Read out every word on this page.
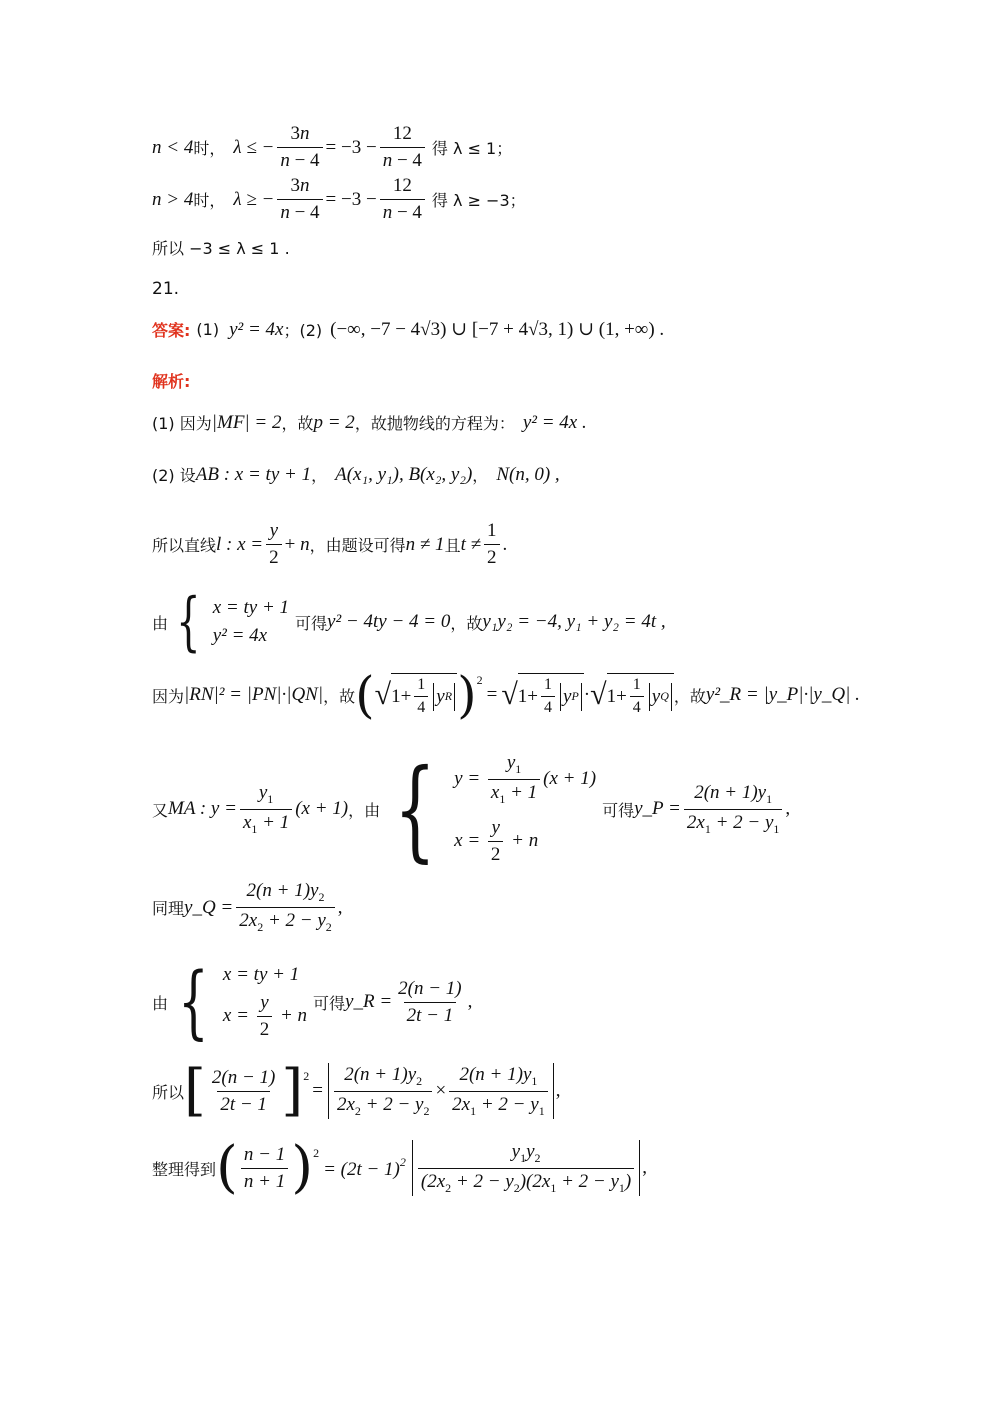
n < 4 时， λ ≤ − $\frac{3n}{n - 4} = -3 - \frac{12}{n - 4}$ 得 λ ≤ 1；
n > 4 时， λ ≥ − $\frac{3n}{n - 4} = -3 - \frac{12}{n - 4}$ 得 λ ≥ −3；
所以 −3 ≤ λ ≤ 1 .
21.
答案: (1) y² = 4x ；(2) (−∞, −7 − 4√3) ∪ [−7 + 4√3, 1) ∪ (1, +∞) .
解析:
(1) 因为 |MF| = 2 ，故 p = 2 ，故抛物线的方程为： y² = 4x .
(2) 设 AB : x = ty + 1 ， A(x₁, y₁), B(x₂, y₂) ， N(n, 0) ,
所以直线 l : $x = \frac{y}{2} + n$ ，由题设可得 n ≠ 1 且 $t \ne \frac{1}{2}$ .
由 { x = ty + 1
y² = 4x
可得 y² − 4ty − 4 = 0 ，故 y₁y₂ = −4, y₁ + y₂ = 4t ,
因为 |RN|² = |PN|·|QN| ，故 ( √ $1+ \frac{1}{4}$ y R ) 2
= √ $1+ \frac{1}{4}$ y P · √ $1+ \frac{1}{4}$ y Q ，故 y²_R = |y_P|·|y_Q| .
又 MA : $y = \frac{y_1}{x_1 + 1} (x + 1)$ ，由 { $y = \frac{y_1}{x_1 + 1} (x + 1)$
$x = \frac{y}{2} + n$
可得 y_P = $\frac{2(n + 1)y_1}{2x_1 + 2 - y_1}$ ,
同理 y_Q = $\frac{2(n + 1)y_2}{2x_2 + 2 - y_2}$ ,
由 { x = ty + 1
$x = \frac{y}{2} + n$
可得 y_R = $\frac{2(n - 1)}{2t - 1}$ ,
所以 [ $\frac{2(n - 1)}{2t - 1}$ ] 2
= $\frac{2(n + 1)y_2}{2x_2 + 2 - y_2} \times \frac{2(n + 1)y_1}{2x_1 + 2 - y_1}$ ,
整理得到 ( $\frac{n - 1}{n + 1}$ ) 2
= $(2t - 1)^2 \frac{y_1y_2}{(2x_2 + 2 - y_2)(2x_1 + 2 - y_1)}$ ,
